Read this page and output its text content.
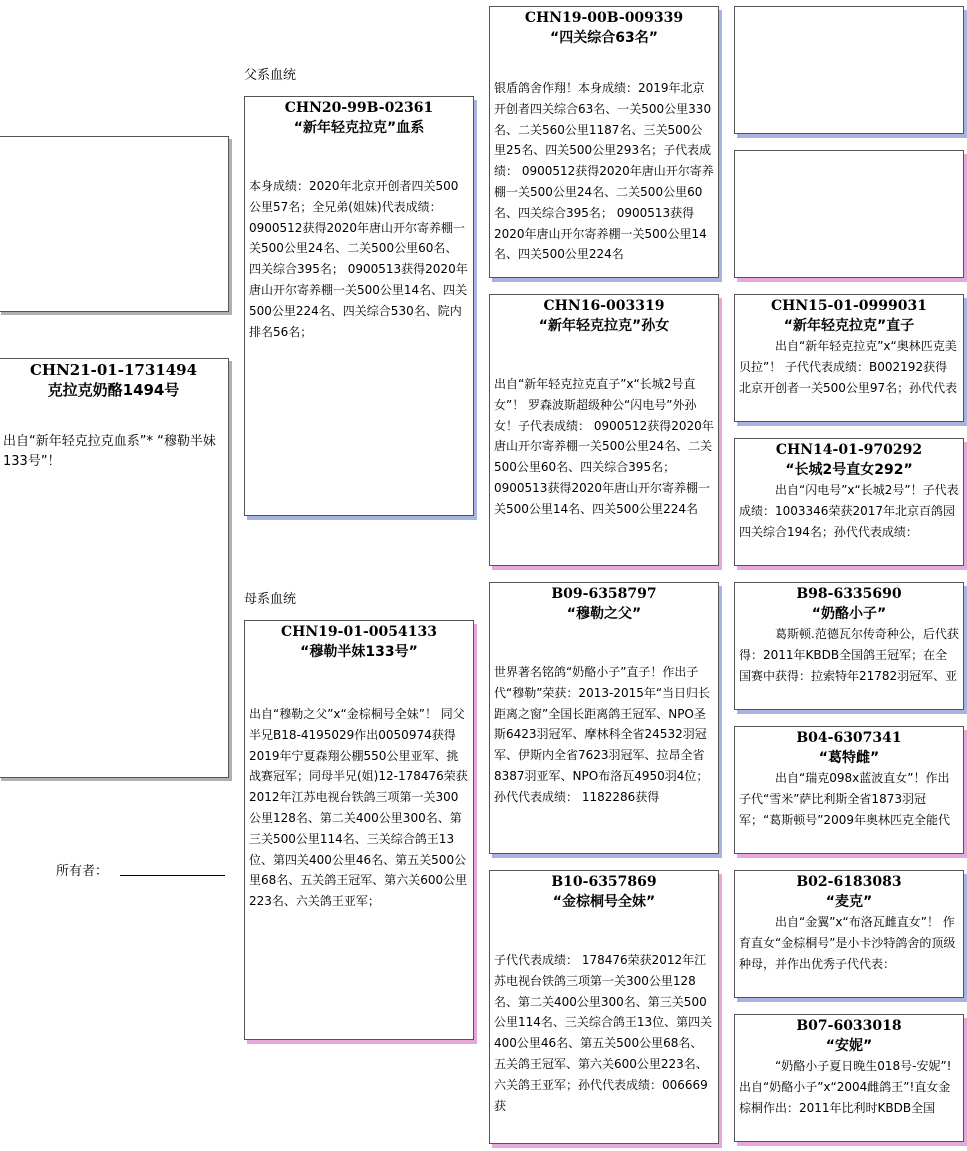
父系血统
母系血统
所有者：
CHN21-01-1731494
克拉克奶酪1494号
出自“新年轻克拉克血系”* “穆勒半妹133号”！
CHN20-99B-02361
“新年轻克拉克”血系
本身成绩：2020年北京开创者四关500公里57名；全兄弟(姐妹)代表成绩： 0900512获得2020年唐山开尔寄养棚一关500公里24名、二关500公里60名、四关综合395名； 0900513获得2020年唐山开尔寄养棚一关500公里14名、四关500公里224名、四关综合530名、院内排名56名；
CHN19-01-0054133
“穆勒半妹133号”
出自“穆勒之父”x“金棕桐号全妹”！ 同父半兄B18-4195029作出0050974获得2019年宁夏森翔公棚550公里亚军、挑战赛冠军；同母半兄(姐)12-178476荣获2012年江苏电视台铁鸽三项第一关300公里128名、第二关400公里300名、第三关500公里114名、三关综合鸽王13位、第四关400公里46名、第五关500公里68名、五关鸽王冠军、第六关600公里223名、六关鸽王亚军；
CHN19-00B-009339
“四关综合63名”
银盾鸽舍作翔！本身成绩：2019年北京开创者四关综合63名、一关500公里330名、二关560公里1187名、三关500公里25名、四关500公里293名；子代表成绩： 0900512获得2020年唐山开尔寄养棚一关500公里24名、二关500公里60名、四关综合395名； 0900513获得2020年唐山开尔寄养棚一关500公里14名、四关500公里224名
CHN16-003319
“新年轻克拉克”孙女
出自“新年轻克拉克直子”x“长城2号直女”！ 罗森波斯超级种公“闪电号”外孙女！子代表成绩： 0900512获得2020年唐山开尔寄养棚一关500公里24名、二关500公里60名、四关综合395名； 0900513获得2020年唐山开尔寄养棚一关500公里14名、四关500公里224名
B09-6358797
“穆勒之父”
世界著名铭鸽“奶酪小子”直子！作出子代“穆勒”荣获：2013-2015年“当日归长距离之窗”全国长距离鸽王冠军、NPO圣斯6423羽冠军、摩林科全省24532羽冠军、伊斯内全省7623羽冠军、拉昂全省8387羽亚军、NPO布洛瓦4950羽4位；孙代代表成绩： 1182286获得
B10-6357869
“金棕桐号全妹”
子代代表成绩： 178476荣获2012年江苏电视台铁鸽三项第一关300公里128名、第二关400公里300名、第三关500公里114名、三关综合鸽王13位、第四关400公里46名、第五关500公里68名、五关鸽王冠军、第六关600公里223名、六关鸽王亚军；孙代代表成绩：006669获
CHN15-01-0999031
“新年轻克拉克”直子
出自“新年轻克拉克”x“奥林匹克美贝拉”！ 子代代表成绩：B002192获得北京开创者一关500公里97名；孙代代表
CHN14-01-970292
“长城2号直女292”
出自“闪电号”x“长城2号”！子代表成绩：1003346荣获2017年北京百鸽园四关综合194名；孙代代表成绩：
B98-6335690
“奶酪小子”
葛斯顿.范德瓦尔传奇种公，后代获得：2011年KBDB全国鸽王冠军；在全国赛中获得：拉索特年21782羽冠军、亚
B04-6307341
“葛特雌”
出自“瑞克098x蓝波直女”！作出子代“雪米”萨比利斯全省1873羽冠军；“葛斯顿号”2009年奥林匹克全能代
B02-6183083
“麦克”
出自“金翼”x“布洛瓦雌直女”！ 作育直女“金棕桐号”是小卡沙特鸽舍的顶级种母，并作出优秀子代代表：
B07-6033018
“安妮”
“奶酪小子夏日晚生018号-安妮”!出自“奶酪小子”x“2004雌鸽王”!直女金棕桐作出：2011年比利时KBDB全国
